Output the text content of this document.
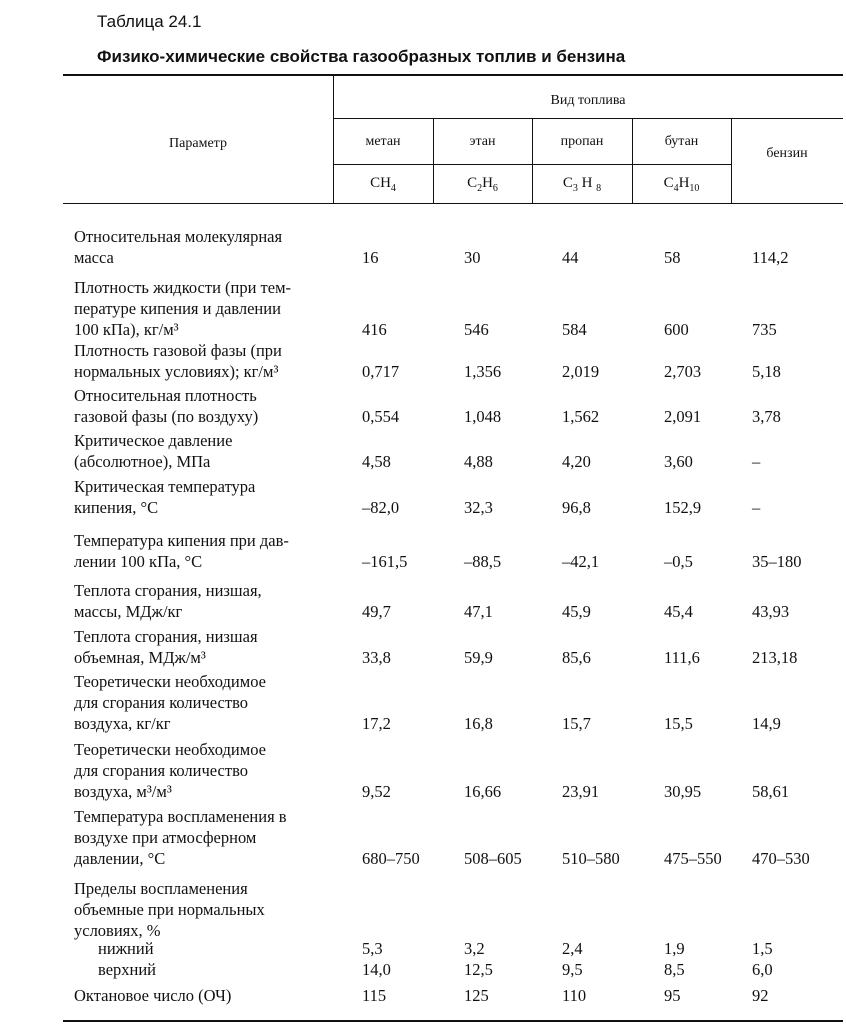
Таблица 24.1
Физико-химические свойства газообразных топлив и бензина
Параметр
Вид топлива
метан	этан	пропан	бутан
бензин
$CH_4$	$C_2H_6$	$C_3$ H $_8$	$C_4H_{10}$
Относительная молекулярная
масса	16	30	44	58	114,2
Плотность жидкости (при тем-
пературе кипения и давлении
100 кПа), кг/м³	416	546	584	600	735
Плотность газовой фазы (при
нормальных условиях); кг/м³	0,717	1,356	2,019	2,703	5,18
Относительная плотность
газовой фазы (по воздуху)	0,554	1,048	1,562	2,091	3,78
Критическое давление
(абсолютное), МПа	4,58	4,88	4,20	3,60	–
Критическая температура
кипения, °С	–82,0	32,3	96,8	152,9	–
Температура кипения при дав-
лении 100 кПа, °С	–161,5	–88,5	–42,1	–0,5	35–180
Теплота сгорания, низшая,
массы, МДж/кг	49,7	47,1	45,9	45,4	43,93
Теплота сгорания, низшая
объемная, МДж/м³	33,8	59,9	85,6	111,6	213,18
Теоретически необходимое
для сгорания количество
воздуха, кг/кг	17,2	16,8	15,7	15,5	14,9
Теоретически необходимое
для сгорания количество
воздуха, м³/м³	9,52	16,66	23,91	30,95	58,61
Температура воспламенения в
воздухе при атмосферном
давлении, °С	680–750	508–605 510–580	475–550 470–530
Пределы воспламенения
объемные при нормальных
условиях, %
нижний	5,3	3,2	2,4	1,9	1,5
верхний	14,0	12,5	9,5	8,5	6,0
Октановое число (ОЧ)	115	125	110	95	92
